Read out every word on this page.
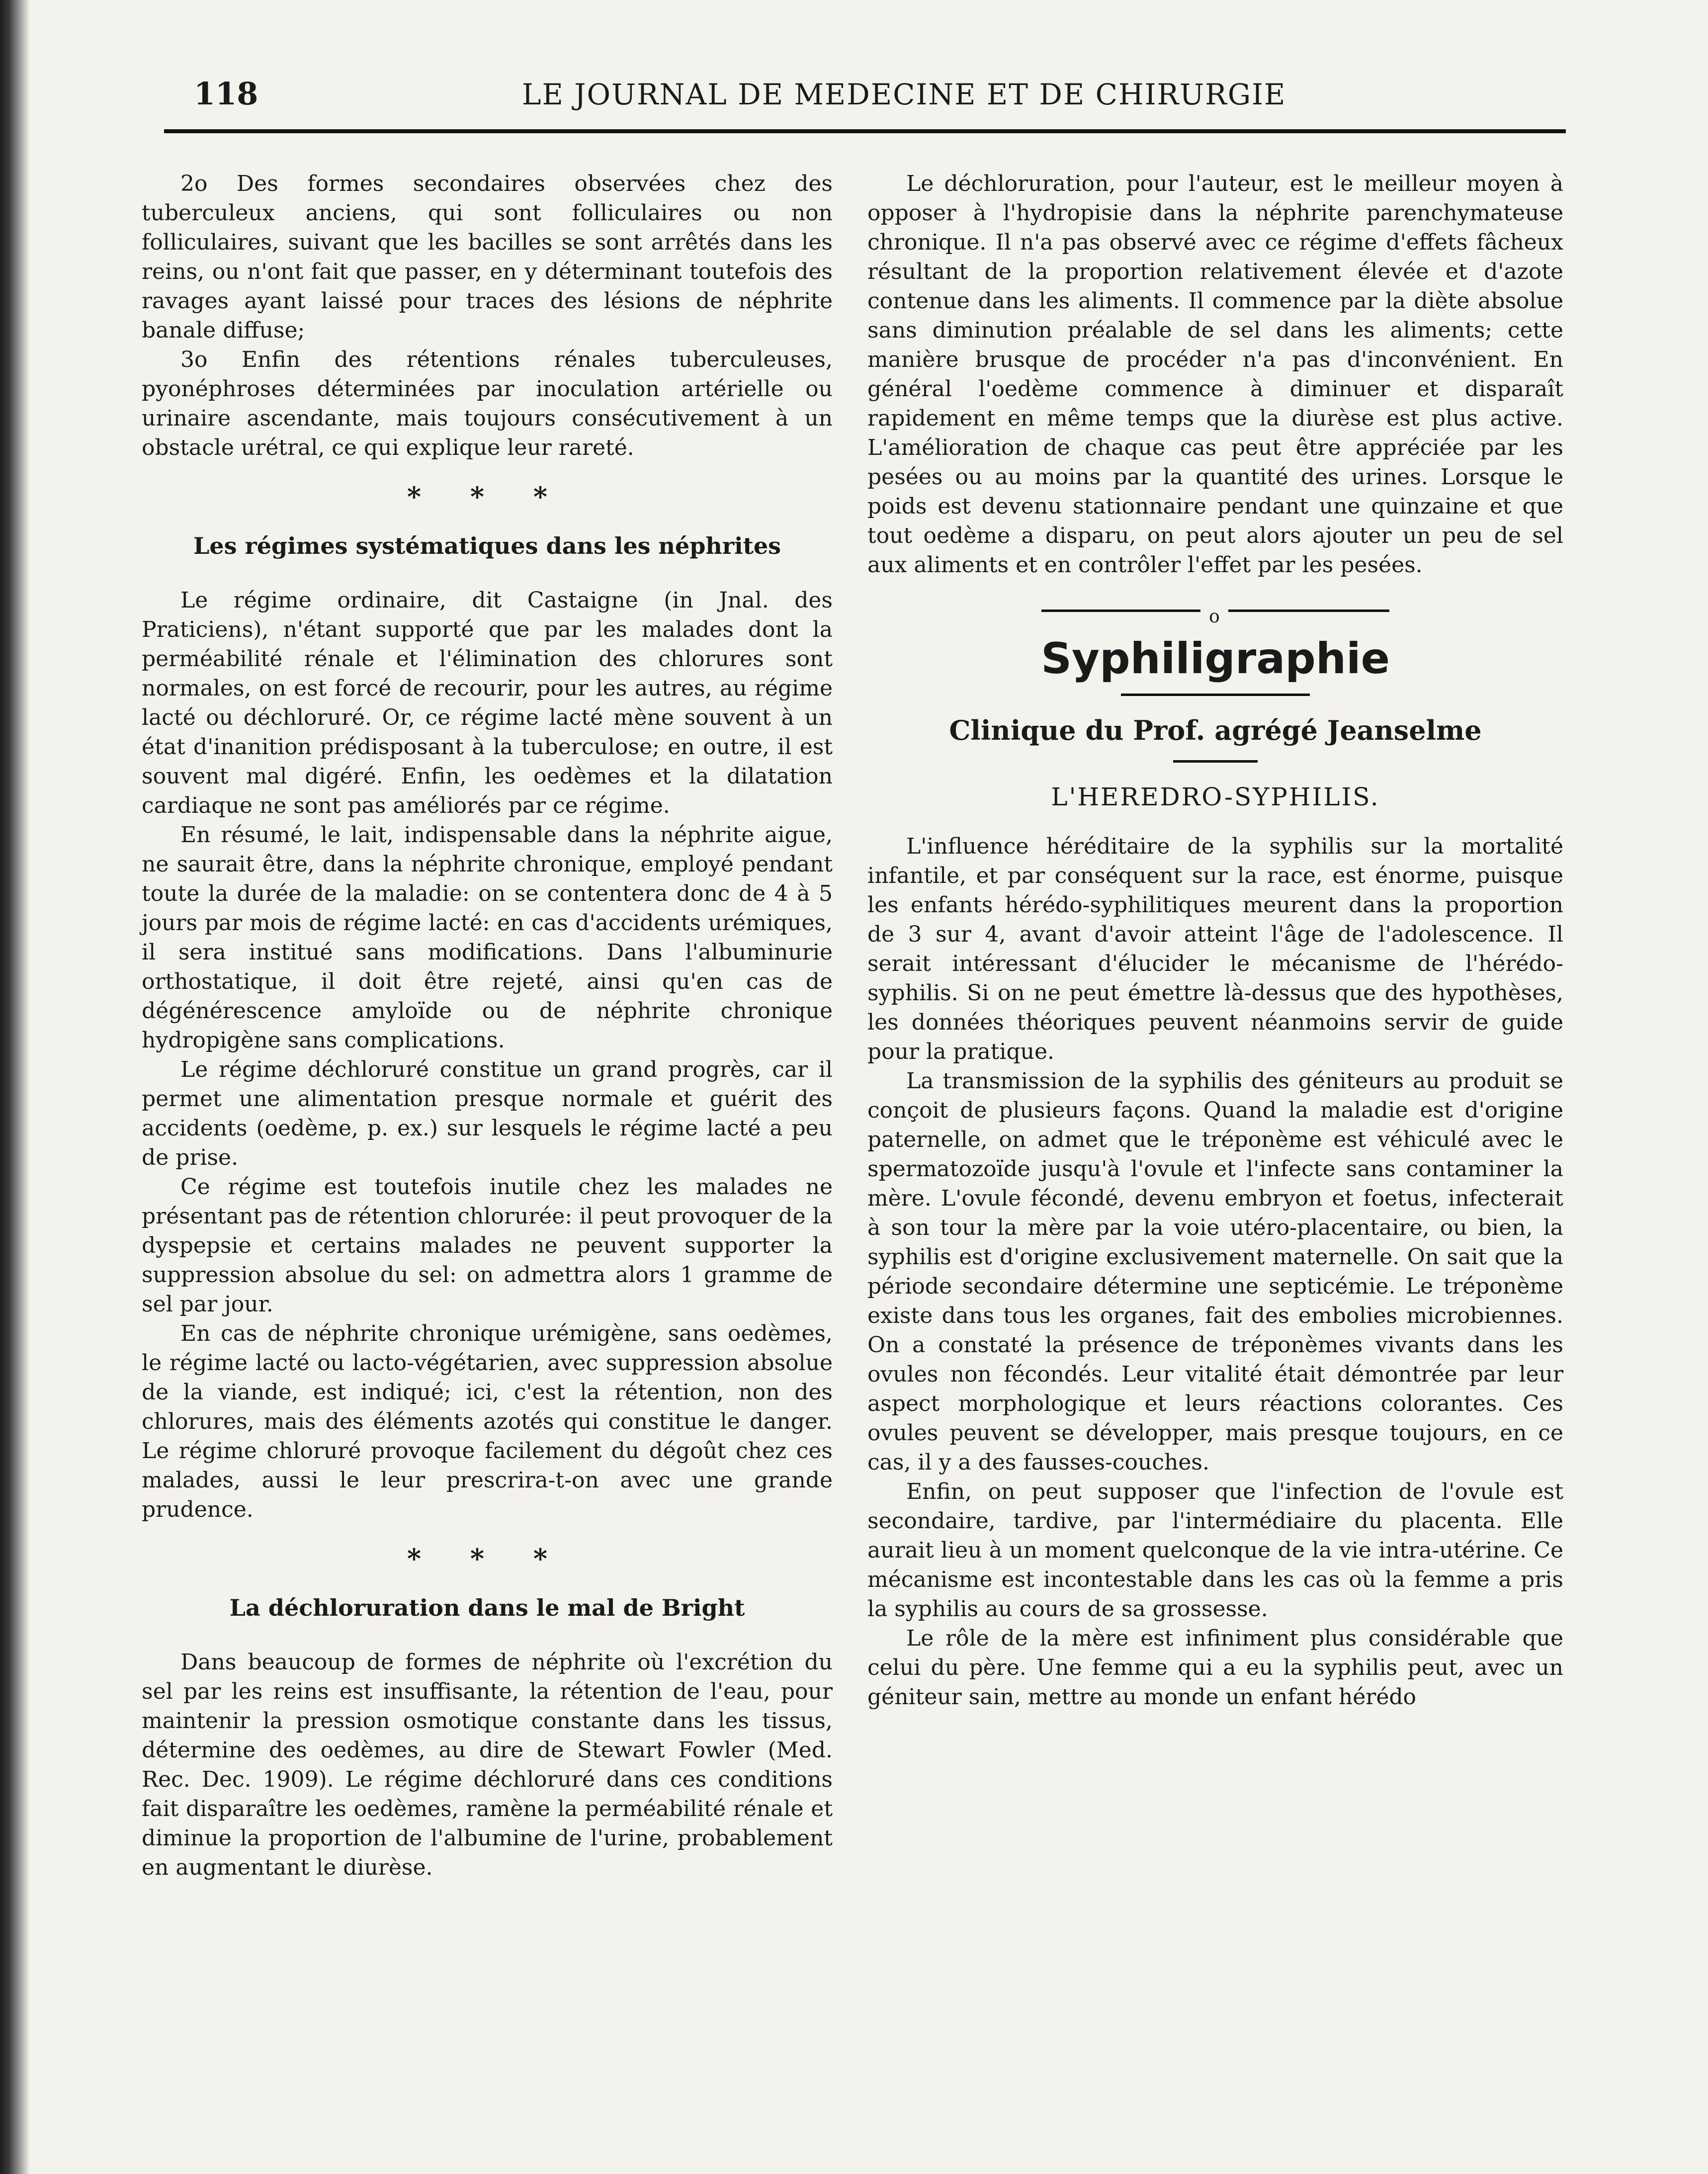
118	LE JOURNAL DE MEDECINE ET DE CHIRURGIE

2o Des formes secondaires observées chez des tuberculeux anciens, qui sont folliculaires ou non folliculaires, suivant que les bacilles se sont arrêtés dans les reins, ou n'ont fait que passer, en y déterminant toutefois des ravages ayant laissé pour traces des lésions de néphrite banale diffuse;

3o Enfin des rétentions rénales tuberculeuses, pyonéphroses déterminées par inoculation artérielle ou urinaire ascendante, mais toujours consécutivement à un obstacle urétral, ce qui explique leur rareté.

* * *
Les régimes systématiques dans les néphrites

Le régime ordinaire, dit Castaigne (in Jnal. des Praticiens), n'étant supporté que par les malades dont la perméabilité rénale et l'élimination des chlorures sont normales, on est forcé de recourir, pour les autres, au régime lacté ou déchloruré. Or, ce régime lacté mène souvent à un état d'inanition prédisposant à la tuberculose; en outre, il est souvent mal digéré. Enfin, les oedèmes et la dilatation cardiaque ne sont pas améliorés par ce régime.

En résumé, le lait, indispensable dans la néphrite aigue, ne saurait être, dans la néphrite chronique, employé pendant toute la durée de la maladie: on se contentera donc de 4 à 5 jours par mois de régime lacté: en cas d'accidents urémiques, il sera institué sans modifications. Dans l'albuminurie orthostatique, il doit être rejeté, ainsi qu'en cas de dégénérescence amyloïde ou de néphrite chronique hydropigène sans complications.

Le régime déchloruré constitue un grand progrès, car il permet une alimentation presque normale et guérit des accidents (oedème, p. ex.) sur lesquels le régime lacté a peu de prise.

Ce régime est toutefois inutile chez les malades ne présentant pas de rétention chlorurée: il peut provoquer de la dyspepsie et certains malades ne peuvent supporter la suppression absolue du sel: on admettra alors 1 gramme de sel par jour.

En cas de néphrite chronique urémigène, sans oedèmes, le régime lacté ou lacto-végétarien, avec suppression absolue de la viande, est indiqué; ici, c'est la rétention, non des chlorures, mais des éléments azotés qui constitue le danger. Le régime chloruré provoque facilement du dégoût chez ces malades, aussi le leur prescrira-t-on avec une grande prudence.

* * *
La déchloruration dans le mal de Bright

Dans beaucoup de formes de néphrite où l'excrétion du sel par les reins est insuffisante, la rétention de l'eau, pour maintenir la pression osmotique constante dans les tissus, détermine des oedèmes, au dire de Stewart Fowler (Med. Rec. Dec. 1909). Le régime déchloruré dans ces conditions fait disparaître les oedèmes, ramène la perméabilité rénale et diminue la proportion de l'albumine de l'urine, probablement en augmentant le diurèse.

Le déchloruration, pour l'auteur, est le meilleur moyen à opposer à l'hydropisie dans la néphrite parenchymateuse chronique. Il n'a pas observé avec ce régime d'effets fâcheux résultant de la proportion relativement élevée et d'azote contenue dans les aliments. Il commence par la diète absolue sans diminution préalable de sel dans les aliments; cette manière brusque de procéder n'a pas d'inconvénient. En général l'oedème commence à diminuer et disparaît rapidement en même temps que la diurèse est plus active. L'amélioration de chaque cas peut être appréciée par les pesées ou au moins par la quantité des urines. Lorsque le poids est devenu stationnaire pendant une quinzaine et que tout oedème a disparu, on peut alors ajouter un peu de sel aux aliments et en contrôler l'effet par les pesées.

o
Syphiligraphie
Clinique du Prof. agrégé Jeanselme
L'HEREDRO-SYPHILIS.

L'influence héréditaire de la syphilis sur la mortalité infantile, et par conséquent sur la race, est énorme, puisque les enfants hérédo-syphilitiques meurent dans la proportion de 3 sur 4, avant d'avoir atteint l'âge de l'adolescence. Il serait intéressant d'élucider le mécanisme de l'hérédo-syphilis. Si on ne peut émettre là-dessus que des hypothèses, les données théoriques peuvent néanmoins servir de guide pour la pratique.

La transmission de la syphilis des géniteurs au produit se conçoit de plusieurs façons. Quand la maladie est d'origine paternelle, on admet que le tréponème est véhiculé avec le spermatozoïde jusqu'à l'ovule et l'infecte sans contaminer la mère. L'ovule fécondé, devenu embryon et foetus, infecterait à son tour la mère par la voie utéro-placentaire, ou bien, la syphilis est d'origine exclusivement maternelle. On sait que la période secondaire détermine une septicémie. Le tréponème existe dans tous les organes, fait des embolies microbiennes. On a constaté la présence de tréponèmes vivants dans les ovules non fécondés. Leur vitalité était démontrée par leur aspect morphologique et leurs réactions colorantes. Ces ovules peuvent se développer, mais presque toujours, en ce cas, il y a des fausses-couches.

Enfin, on peut supposer que l'infection de l'ovule est secondaire, tardive, par l'intermédiaire du placenta. Elle aurait lieu à un moment quelconque de la vie intra-utérine. Ce mécanisme est incontestable dans les cas où la femme a pris la syphilis au cours de sa grossesse.

Le rôle de la mère est infiniment plus considérable que celui du père. Une femme qui a eu la syphilis peut, avec un géniteur sain, mettre au monde un enfant hérédo
